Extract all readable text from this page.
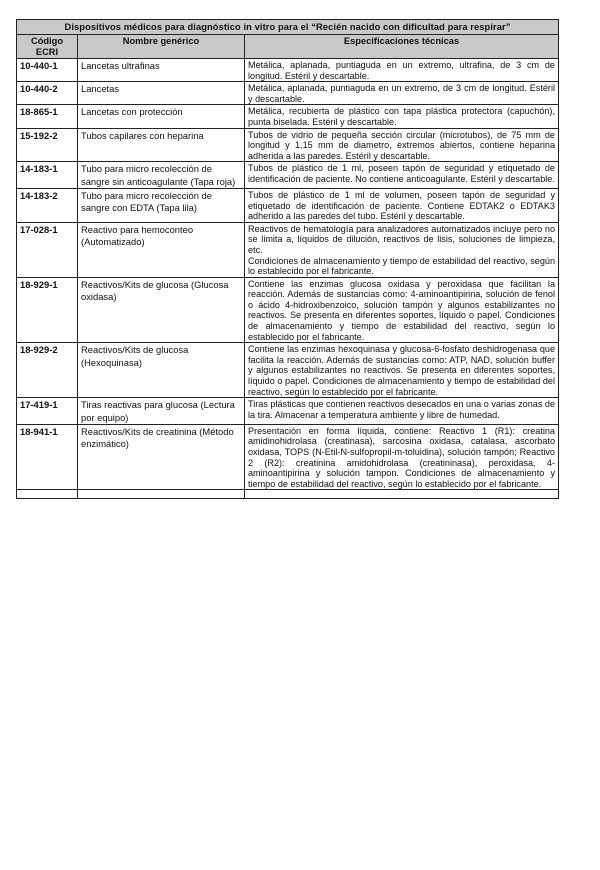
Dispositivos médicos para diagnóstico in vitro para el “Recién nacido con dificultad para respirar”		
Código ECRI	Nombre genérico	Especificaciones técnicas
10-440-1	Lancetas ultrafinas	Metálica, aplanada, puntiaguda en un extremo, ultrafina, de 3 cm de longitud. Estéril y descartable.

10-440-2	Lancetas	Metálica, aplanada, puntiaguda en un extremo, de 3 cm de longitud. Estéril y descartable.

18-865-1	Lancetas con protección	Metálica, recubierta de plástico con tapa plástica protectora (capuchón), punta biselada. Estéril y descartable.

15-192-2	Tubos capilares con heparina	Tubos de vidrio de pequeña sección circular (microtubos), de 75 mm de longitud y 1,15 mm de diametro, extremos abiertos, contiene heparina adherida a las paredes. Estéril y descartable.

14-183-1	Tubo para micro recolección de sangre sin anticoagulante (Tapa roja)	Tubos de plástico de 1 ml, poseen tapón de seguridad y etiquetado de identificación de paciente. No contiene anticoagulante. Estéril y descartable.

14-183-2	Tubo para micro recolección de sangre con EDTA (Tapa lila)	Tubos de plástico de 1 ml de volumen, poseen tapón de seguridad y etiquetado de identificación de paciente. Contiene EDTAK2 o EDTAK3 adherido a las paredes del tubo. Estéril y descartable.

17-028-1	Reactivo para hemoconteo (Automatizado)	Reactivos de hematología para analizadores automatizados incluye pero no se limita a, líquidos de dilución, reactivos de lisis, soluciones de limpieza, etc.
Condiciones de almacenamiento y tiempo de estabilidad del reactivo, según lo establecido por el fabricante.

18-929-1	Reactivos/Kits de glucosa (Glucosa oxidasa)	Contiene las enzimas glucosa oxidasa y peroxidasa que facilitan la reacción. Además de sustancias como: 4-aminoantipirina, solución de fenol o ácido 4-hidroxibenzoico, solución tampón y algunos estabilizantes no reactivos. Se presenta en diferentes soportes, líquido o papel. Condiciones de almacenamiento y tiempo de estabilidad del reactivo, según lo establecido por el fabricante.

18-929-2	Reactivos/Kits de glucosa (Hexoquinasa)	Contiene las enzimas hexoquinasa y glucosa-6-fosfato deshidrogenasa que facilita la reacción. Además de sustancias como: ATP, NAD, solución buffer y algunos estabilizantes no reactivos. Se presenta en diferentes soportes, líquido o papel. Condiciones de almacenamiento y tiempo de estabilidad del reactivo, según lo establecido por el fabricante.

17-419-1	Tiras reactivas para glucosa (Lectura por equipo)	Tiras plásticas que contienen reactivos desecados en una o varias zonas de la tira. Almacenar a temperatura ambiente y libre de humedad.

18-941-1	Reactivos/Kits de creatinina (Método enzimático)	Presentación en forma líquida, contiene: Reactivo 1 (R1): creatina amidinohidrolasa (creatinasa), sarcosina oxidasa, catalasa, ascorbato oxidasa, TOPS (N-Etil-N-sulfopropil-m-toluidina), solución tampón; Reactivo 2 (R2): creatinina amidohidrolasa (creatininasa), peroxidasa, 4-aminoantipirina y solución tampon. Condiciones de almacenamiento y tiempo de estabilidad del reactivo, según lo establecido por el fabricante.
